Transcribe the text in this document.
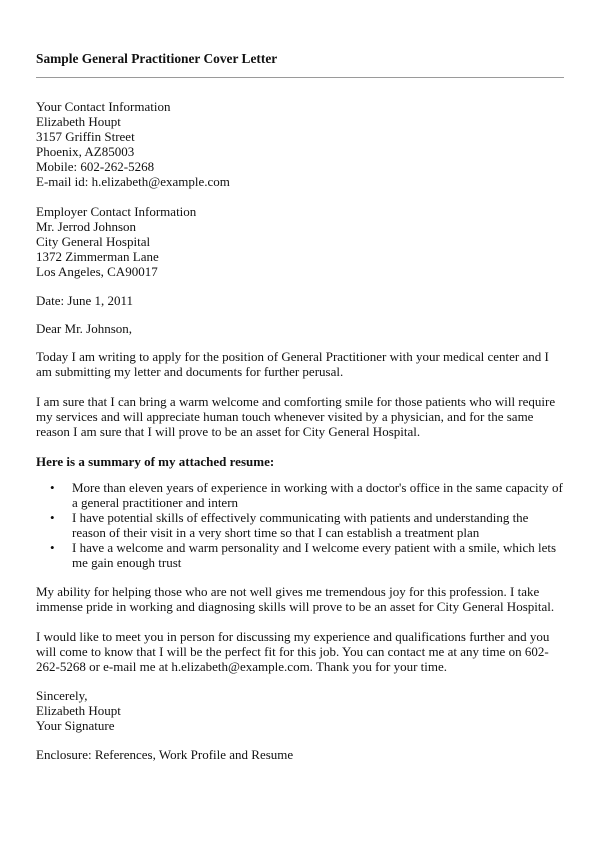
Sample General Practitioner Cover Letter

Your Contact Information
Elizabeth Houpt
3157 Griffin Street
Phoenix, AZ85003
Mobile: 602-262-5268
E-mail id: h.elizabeth@example.com
Employer Contact Information
Mr. Jerrod Johnson
City General Hospital
1372 Zimmerman Lane
Los Angeles, CA90017

Date: June 1, 2011

Dear Mr. Johnson,

Today I am writing to apply for the position of General Practitioner with your medical center and I am submitting my letter and documents for further perusal.

I am sure that I can bring a warm welcome and comforting smile for those patients who will require my services and will appreciate human touch whenever visited by a physician, and for the same reason I am sure that I will prove to be an asset for City General Hospital.

Here is a summary of my attached resume:

• More than eleven years of experience in working with a doctor's office in the same capacity of a general practitioner and intern
• I have potential skills of effectively communicating with patients and understanding the reason of their visit in a very short time so that I can establish a treatment plan
• I have a welcome and warm personality and I welcome every patient with a smile, which lets me gain enough trust

My ability for helping those who are not well gives me tremendous joy for this profession. I take immense pride in working and diagnosing skills will prove to be an asset for City General Hospital.

I would like to meet you in person for discussing my experience and qualifications further and you will come to know that I will be the perfect fit for this job. You can contact me at any time on 602-262-5268 or e-mail me at h.elizabeth@example.com. Thank you for your time.

Sincerely,
Elizabeth Houpt
Your Signature

Enclosure: References, Work Profile and Resume
